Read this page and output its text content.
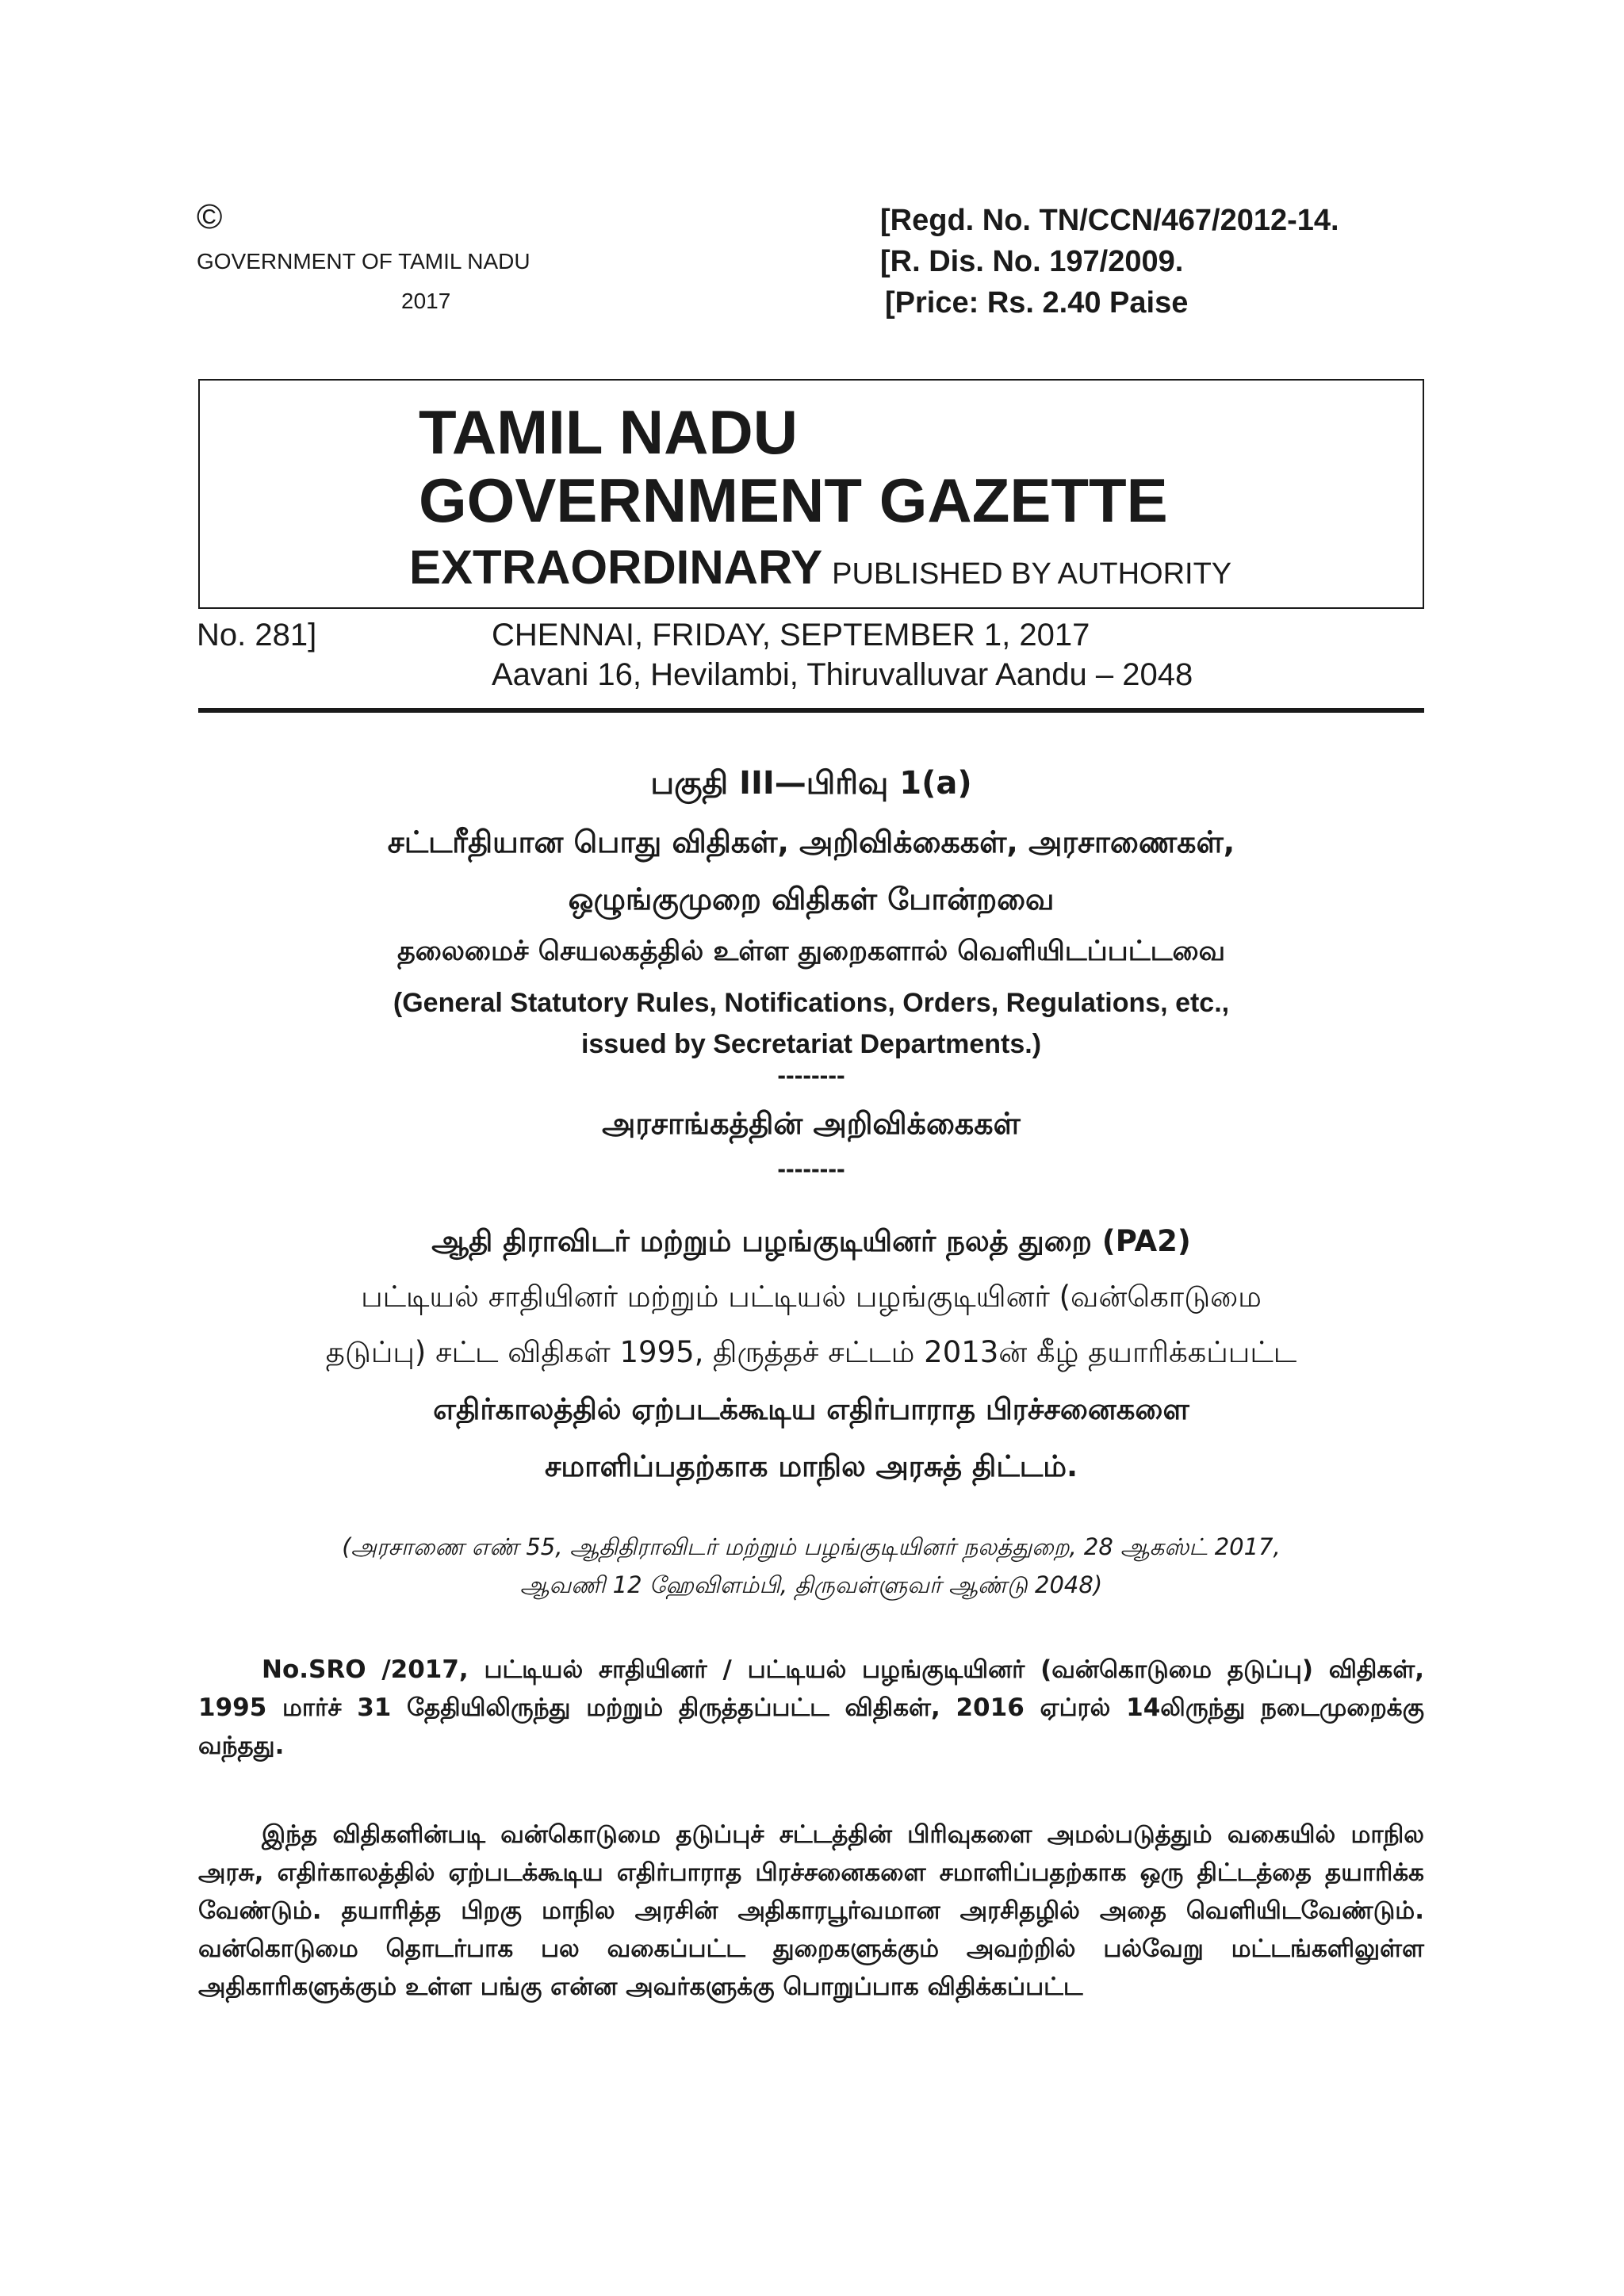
©
GOVERNMENT OF TAMIL NADU
2017
[Regd. No. TN/CCN/467/2012-14.
[R. Dis. No. 197/2009.
[Price: Rs. 2.40 Paise
TAMIL NADU
GOVERNMENT GAZETTE
EXTRAORDINARY PUBLISHED BY AUTHORITY
No. 281]	CHENNAI, FRIDAY, SEPTEMBER 1, 2017
Aavani 16, Hevilambi, Thiruvalluvar Aandu – 2048
பகுதி III—பிரிவு 1(a)
சட்டரீதியான பொது விதிகள், அறிவிக்கைகள், அரசாணைகள்,
ஒழுங்குமுறை விதிகள் போன்றவை
தலைமைச் செயலகத்தில் உள்ள துறைகளால் வெளியிடப்பட்டவை
(General Statutory Rules, Notifications, Orders, Regulations, etc.,
issued by Secretariat Departments.)
--------
அரசாங்கத்தின் அறிவிக்கைகள்
--------
ஆதி திராவிடர் மற்றும் பழங்குடியினர் நலத் துறை (PA2)
பட்டியல் சாதியினர் மற்றும் பட்டியல் பழங்குடியினர் (வன்கொடுமை
தடுப்பு) சட்ட விதிகள் 1995, திருத்தச் சட்டம் 2013ன் கீழ் தயாரிக்கப்பட்ட
எதிர்காலத்தில் ஏற்படக்கூடிய எதிர்பாராத பிரச்சனைகளை
சமாளிப்பதற்காக மாநில அரசுத் திட்டம்.
(அரசாணை எண் 55, ஆதிதிராவிடர் மற்றும் பழங்குடியினர் நலத்துறை, 28 ஆகஸ்ட் 2017,
ஆவணி 12 ஹேவிளம்பி, திருவள்ளுவர் ஆண்டு 2048)
No.SRO /2017, பட்டியல் சாதியினர் / பட்டியல் பழங்குடியினர் (வன்கொடுமை தடுப்பு) விதிகள், 1995 மார்ச் 31 தேதியிலிருந்து மற்றும் திருத்தப்பட்ட விதிகள், 2016 ஏப்ரல் 14லிருந்து நடைமுறைக்கு வந்தது.
இந்த விதிகளின்படி வன்கொடுமை தடுப்புச் சட்டத்தின் பிரிவுகளை அமல்படுத்தும் வகையில் மாநில அரசு, எதிர்காலத்தில் ஏற்படக்கூடிய எதிர்பாராத பிரச்சனைகளை சமாளிப்பதற்காக ஒரு திட்டத்தை தயாரிக்க வேண்டும். தயாரித்த பிறகு மாநில அரசின் அதிகாரபூர்வமான அரசிதழில் அதை வெளியிடவேண்டும். வன்கொடுமை தொடர்பாக பல வகைப்பட்ட துறைகளுக்கும் அவற்றில் பல்வேறு மட்டங்களிலுள்ள அதிகாரிகளுக்கும் உள்ள பங்கு என்ன அவர்களுக்கு பொறுப்பாக விதிக்கப்பட்ட
